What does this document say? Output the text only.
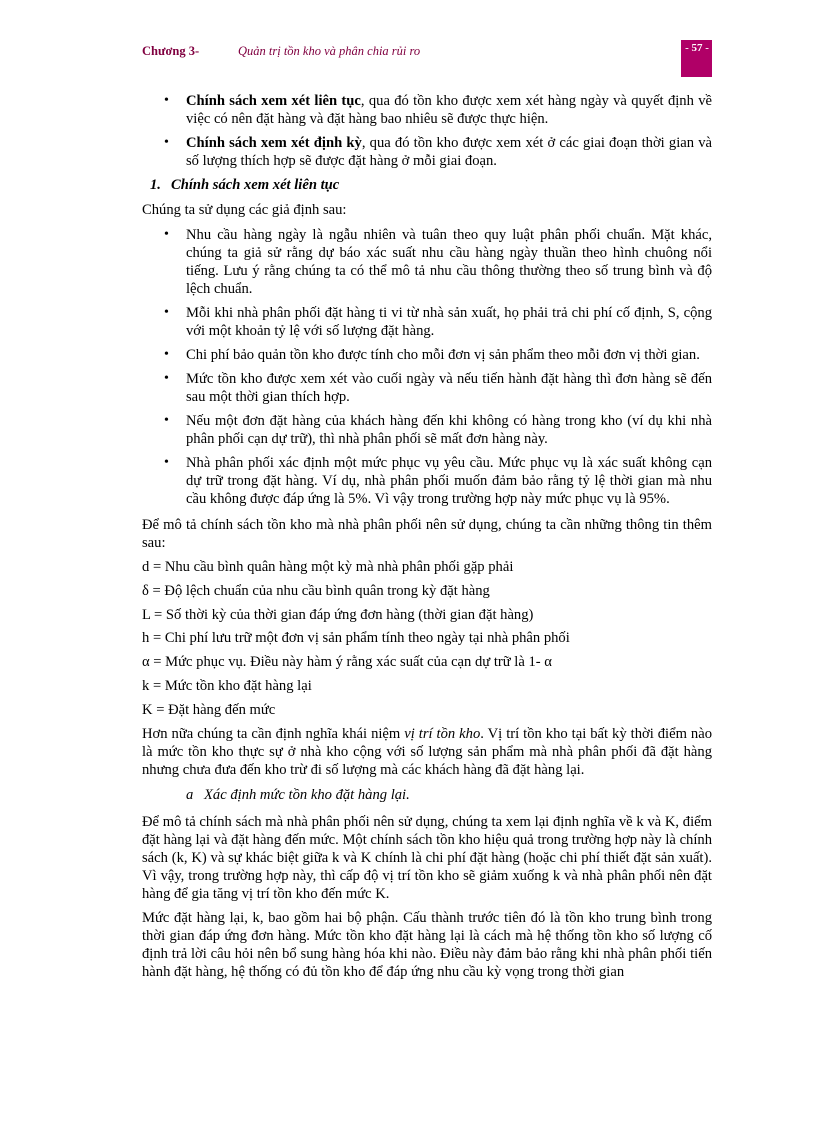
Chương 3-	Quản trị tồn kho và phân chia rủi ro	- 57 -
• Chính sách xem xét liên tục, qua đó tồn kho được xem xét hàng ngày và quyết định về việc có nên đặt hàng và đặt hàng bao nhiêu sẽ được thực hiện.
• Chính sách xem xét định kỳ, qua đó tồn kho được xem xét ở các giai đoạn thời gian và số lượng thích hợp sẽ được đặt hàng ở mỗi giai đoạn.
1. Chính sách xem xét liên tục

Chúng ta sử dụng các giả định sau:

• Nhu cầu hàng ngày là ngẫu nhiên và tuân theo quy luật phân phối chuẩn. Mặt khác, chúng ta giả sử rằng dự báo xác suất nhu cầu hàng ngày thuần theo hình chuông nổi tiếng. Lưu ý rằng chúng ta có thể mô tả nhu cầu thông thường theo số trung bình và độ lệch chuẩn.
• Mỗi khi nhà phân phối đặt hàng ti vi từ nhà sản xuất, họ phải trả chi phí cố định, S, cộng với một khoản tỷ lệ với số lượng đặt hàng.
• Chi phí bảo quản tồn kho được tính cho mỗi đơn vị sản phẩm theo mỗi đơn vị thời gian.
• Mức tồn kho được xem xét vào cuối ngày và nếu tiến hành đặt hàng thì đơn hàng sẽ đến sau một thời gian thích hợp.
• Nếu một đơn đặt hàng của khách hàng đến khi không có hàng trong kho (ví dụ khi nhà phân phối cạn dự trữ), thì nhà phân phối sẽ mất đơn hàng này.
• Nhà phân phối xác định một mức phục vụ yêu cầu. Mức phục vụ là xác suất không cạn dự trữ trong đặt hàng. Ví dụ, nhà phân phối muốn đảm bảo rằng tỷ lệ thời gian mà nhu cầu không được đáp ứng là 5%. Vì vậy trong trường hợp này mức phục vụ là 95%.

Để mô tả chính sách tồn kho mà nhà phân phối nên sử dụng, chúng ta cần những thông tin thêm sau:

d = Nhu cầu bình quân hàng một kỳ mà nhà phân phối gặp phải

δ = Độ lệch chuẩn của nhu cầu bình quân trong kỳ đặt hàng

L = Số thời kỳ của thời gian đáp ứng đơn hàng (thời gian đặt hàng)

h = Chi phí lưu trữ một đơn vị sản phẩm tính theo ngày tại nhà phân phối

α = Mức phục vụ. Điều này hàm ý rằng xác suất của cạn dự trữ là 1- α

k = Mức tồn kho đặt hàng lại

K = Đặt hàng đến mức

Hơn nữa chúng ta cần định nghĩa khái niệm vị trí tồn kho. Vị trí tồn kho tại bất kỳ thời điểm nào là mức tồn kho thực sự ở nhà kho cộng với số lượng sản phẩm mà nhà phân phối đã đặt hàng nhưng chưa đưa đến kho trừ đi số lượng mà các khách hàng đã đặt hàng lại.

a Xác định mức tồn kho đặt hàng lại.

Để mô tả chính sách mà nhà phân phối nên sử dụng, chúng ta xem lại định nghĩa về k và K, điểm đặt hàng lại và đặt hàng đến mức. Một chính sách tồn kho hiệu quả trong trường hợp này là chính sách (k, K) và sự khác biệt giữa k và K chính là chi phí đặt hàng (hoặc chi phí thiết đặt sản xuất). Vì vậy, trong trường hợp này, thì cấp độ vị trí tồn kho sẽ giảm xuống k và nhà phân phối nên đặt hàng để gia tăng vị trí tồn kho đến mức K.

Mức đặt hàng lại, k, bao gồm hai bộ phận. Cấu thành trước tiên đó là tồn kho trung bình trong thời gian đáp ứng đơn hàng. Mức tồn kho đặt hàng lại là cách mà hệ thống tồn kho số lượng cố định trả lời câu hỏi nên bổ sung hàng hóa khi nào. Điều này đảm bảo rằng khi nhà phân phối tiến hành đặt hàng, hệ thống có đủ tồn kho để đáp ứng nhu cầu kỳ vọng trong thời gian
